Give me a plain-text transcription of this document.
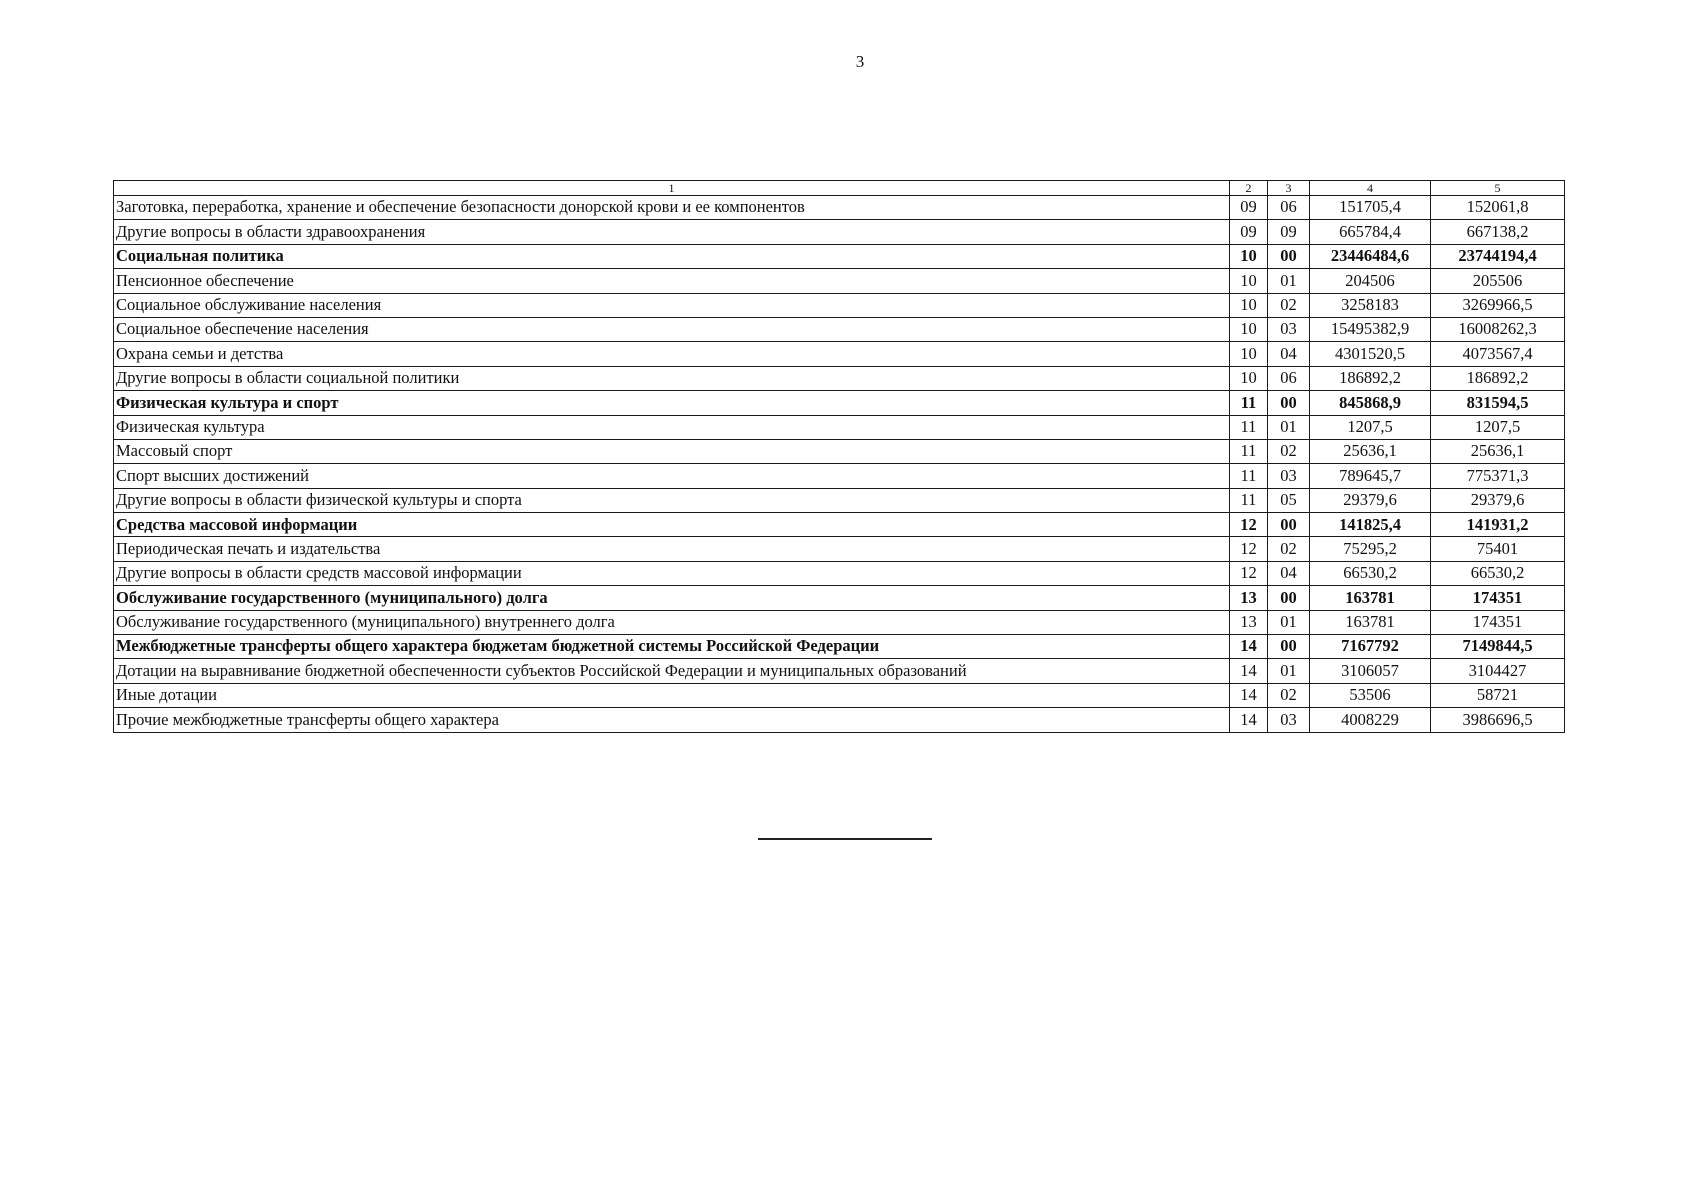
3
1	2	3	4	5
Заготовка, переработка, хранение и обеспечение безопасности донорской крови и ее компонентов	09	06	151705,4	152061,8
Другие вопросы в области здравоохранения	09	09	665784,4	667138,2
Социальная политика	10	00	23446484,6	23744194,4
Пенсионное обеспечение	10	01	204506	205506
Социальное обслуживание населения	10	02	3258183	3269966,5
Социальное обеспечение населения	10	03	15495382,9	16008262,3
Охрана семьи и детства	10	04	4301520,5	4073567,4
Другие вопросы в области социальной политики	10	06	186892,2	186892,2
Физическая культура и спорт	11	00	845868,9	831594,5
Физическая культура	11	01	1207,5	1207,5
Массовый спорт	11	02	25636,1	25636,1
Спорт высших достижений	11	03	789645,7	775371,3
Другие вопросы в области физической культуры и спорта	11	05	29379,6	29379,6
Средства массовой информации	12	00	141825,4	141931,2
Периодическая печать и издательства	12	02	75295,2	75401
Другие вопросы в области средств массовой информации	12	04	66530,2	66530,2
Обслуживание государственного (муниципального) долга	13	00	163781	174351
Обслуживание государственного (муниципального) внутреннего долга	13	01	163781	174351
Межбюджетные трансферты общего характера бюджетам бюджетной системы Российской Федерации	14	00	7167792	7149844,5
Дотации на выравнивание бюджетной обеспеченности субъектов Российской Федерации и муниципальных образований	14	01	3106057	3104427
Иные дотации	14	02	53506	58721
Прочие межбюджетные трансферты общего характера	14	03	4008229	3986696,5
